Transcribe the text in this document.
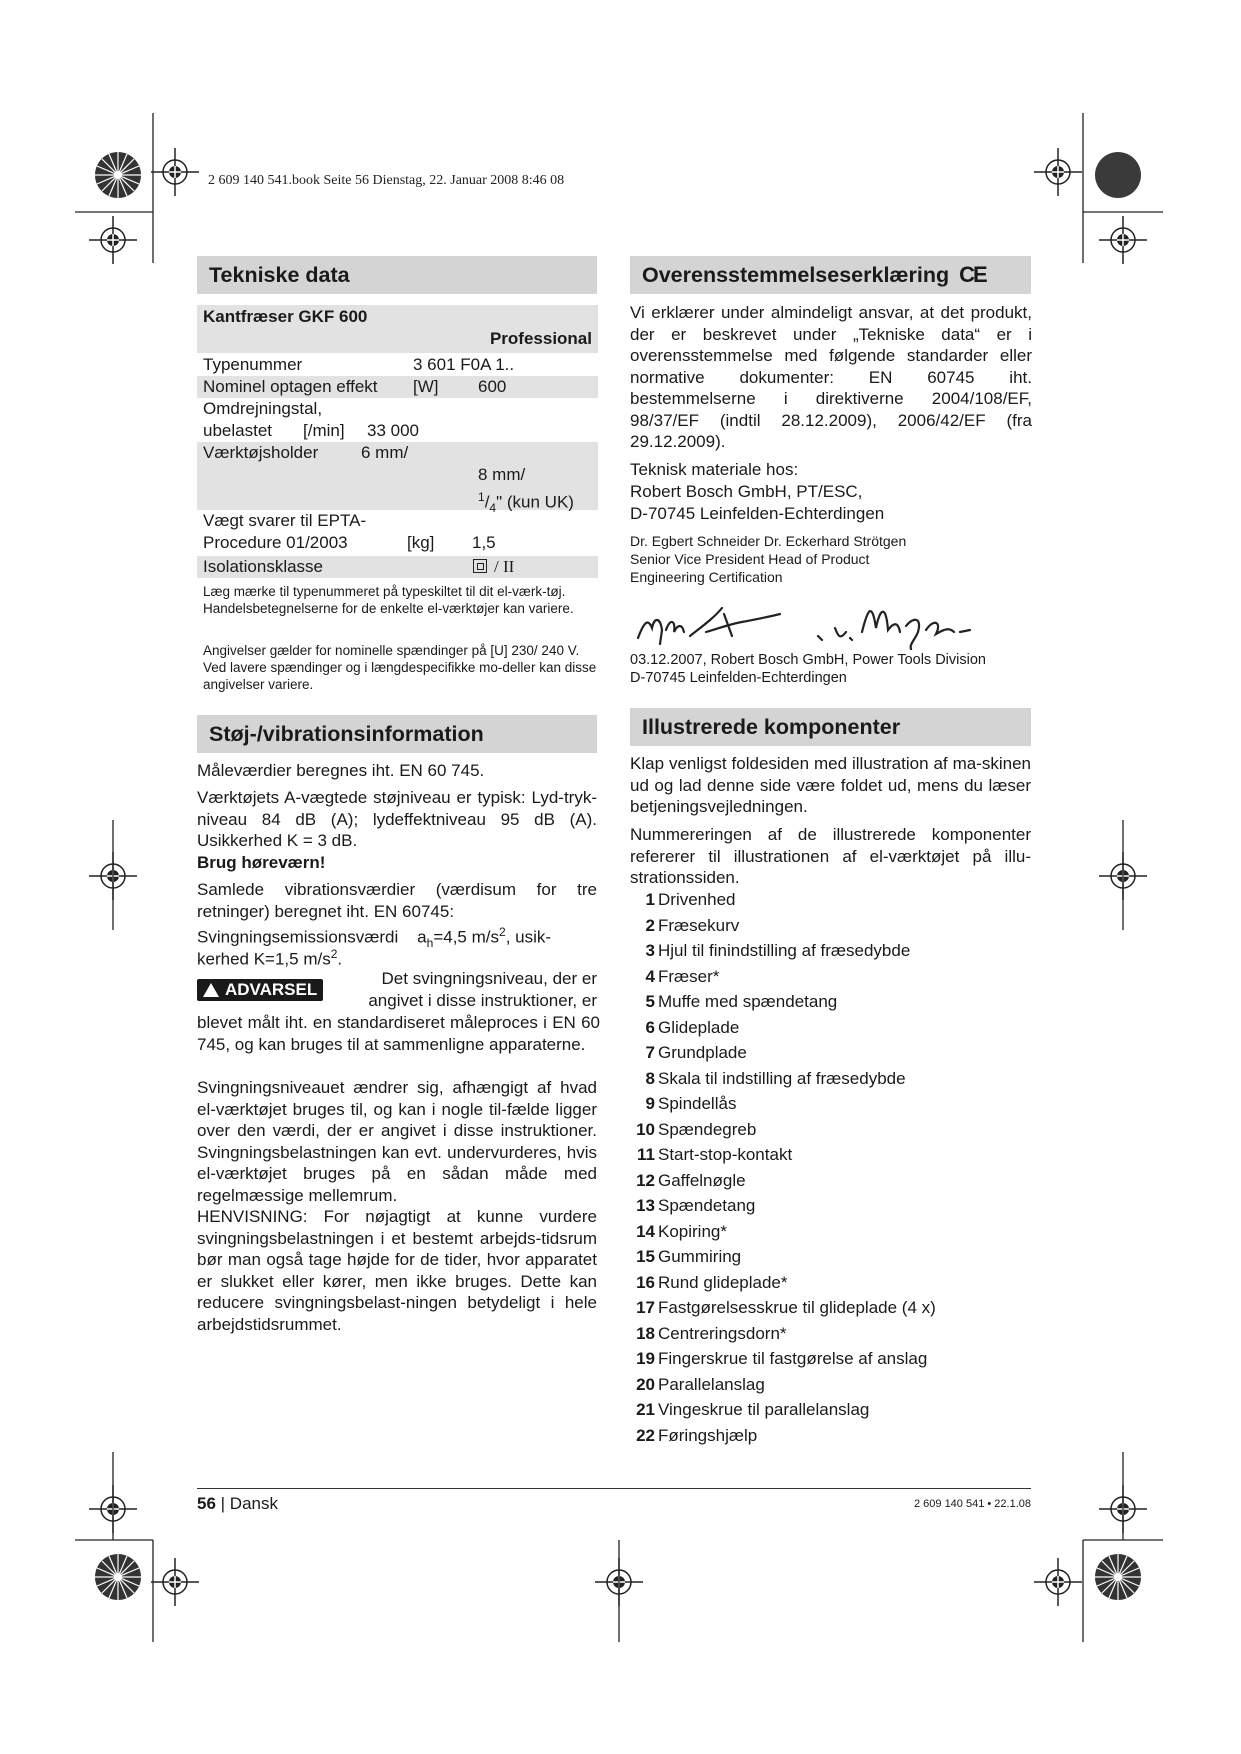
2 609 140 541.book Seite 56 Dienstag, 22. Januar 2008 8:46 08
Tekniske data
Kantfræser GKF 600
Professional
Typenummer	3 601 F0A 1..
Nominel optagen effekt [W] 600
Omdrejningstal,
ubelastet [/min] 33 000
Værktøjsholder	6 mm/
8 mm/
$^1/_4$" (kun UK)
Vægt svarer til EPTA-
Procedure 01/2003	[kg] 1,5
Isolationsklasse	/ II
Læg mærke til typenummeret på typeskiltet til dit el-værk-tøj. Handelsbetegnelserne for de enkelte el-værktøjer kan variere.
Angivelser gælder for nominelle spændinger på [U] 230/ 240 V. Ved lavere spændinger og i længdespecifikke mo-deller kan disse angivelser variere.
Støj-/vibrationsinformation
Måleværdier beregnes iht. EN 60 745.
Værktøjets A-vægtede støjniveau er typisk: Lyd-trykniveau 84 dB (A); lydeffektniveau 95 dB (A). Usikkerhed K = 3 dB.
Brug høreværn!
Samlede vibrationsværdier (værdisum for tre retninger) beregnet iht. EN 60745:
Svingningsemissionsværdi $a_h=4,5$ $m/s^2$, usik-
kerhed K=1,5 $m/s^2$.
ADVARSEL
Det svingningsniveau, der er
angivet i disse instruktioner, er
blevet målt iht. en standardiseret måleproces i EN 60 745, og kan bruges til at sammenligne apparaterne.
Svingningsniveauet ændrer sig, afhængigt af hvad el-værktøjet bruges til, og kan i nogle til-fælde ligger over den værdi, der er angivet i disse instruktioner. Svingningsbelastningen kan evt. undervurderes, hvis el-værktøjet bruges på en sådan måde med regelmæssige mellemrum.
HENVISNING: For nøjagtigt at kunne vurdere svingningsbelastningen i et bestemt arbejds-tidsrum bør man også tage højde for de tider, hvor apparatet er slukket eller kører, men ikke bruges. Dette kan reducere svingningsbelast-ningen betydeligt i hele arbejdstidsrummet.
Overensstemmelseserklæring CE
Vi erklærer under almindeligt ansvar, at det produkt, der er beskrevet under „Tekniske data“ er i overensstemmelse med følgende standarder eller normative dokumenter: EN 60745 iht. bestemmelserne i direktiverne 2004/108/EF, 98/37/EF (indtil 28.12.2009), 2006/42/EF (fra 29.12.2009).
Teknisk materiale hos:
Robert Bosch GmbH, PT/ESC,
D-70745 Leinfelden-Echterdingen
Dr. Egbert Schneider Dr. Eckerhard Strötgen
Senior Vice President Head of Product
Engineering Certification
03.12.2007, Robert Bosch GmbH, Power Tools Division
D-70745 Leinfelden-Echterdingen
Illustrerede komponenter
Klap venligst foldesiden med illustration af ma-skinen ud og lad denne side være foldet ud, mens du læser betjeningsvejledningen.
Nummereringen af de illustrerede komponenter refererer til illustrationen af el-værktøjet på illu-strationssiden.
1 Drivenhed
2 Fræsekurv
3 Hjul til finindstilling af fræsedybde
4 Fræser*
5 Muffe med spændetang
6 Glideplade
7 Grundplade
8 Skala til indstilling af fræsedybde
9 Spindellås
10 Spændegreb
11 Start-stop-kontakt
12 Gaffelnøgle
13 Spændetang
14 Kopiring*
15 Gummiring
16 Rund glideplade*
17 Fastgørelsesskrue til glideplade (4 x)
18 Centreringsdorn*
19 Fingerskrue til fastgørelse af anslag
20 Parallelanslag
21 Vingeskrue til parallelanslag
22 Føringshjælp
56 | Dansk	2 609 140 541 • 22.1.08
